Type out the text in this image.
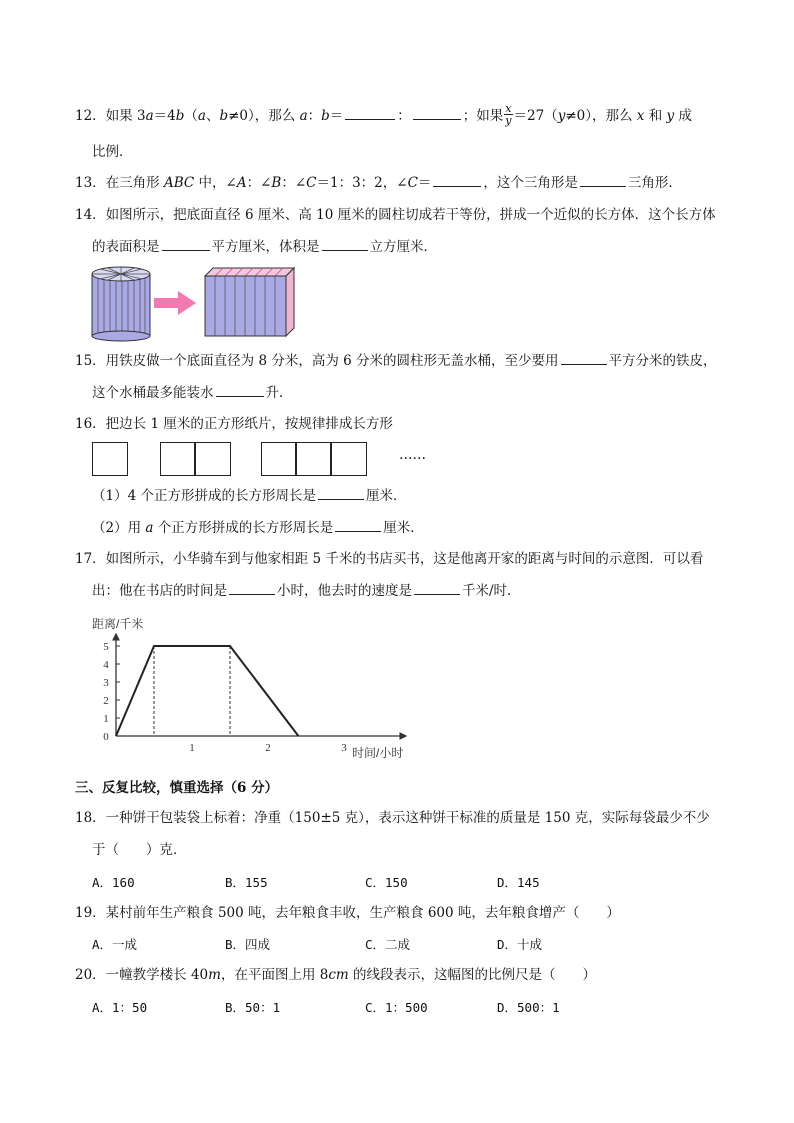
12．如果 3a＝4b（a、b≠0），那么 a：b＝	：	；如果 $\frac{x}{y} =27(y\ne 0)$，那么 x 和 y 成
比例．
13．在三角形 ABC 中，∠A：∠B：∠C＝1：3：2，∠C＝	，这个三角形是	三角形．
14．如图所示，把底面直径 6 厘米、高 10 厘米的圆柱切成若干等份，拼成一个近似的长方体．这个长方体
的表面积是	平方厘米，体积是	立方厘米．
15．用铁皮做一个底面直径为 8 分米，高为 6 分米的圆柱形无盖水桶，至少要用	平方分米的铁皮，
这个水桶最多能装水	升．
16．把边长 1 厘米的正方形纸片，按规律排成长方形
……
（1）4 个正方形拼成的长方形周长是	厘米．
（2）用 a 个正方形拼成的长方形周长是	厘米．
17．如图所示，小华骑车到与他家相距 5 千米的书店买书，这是他离开家的距离与时间的示意图．可以看
出：他在书店的时间是	小时，他去时的速度是	千米/时．
距离/千米
时间/小时
0
1
2
3
4
5
1	2	3
三、反复比较，慎重选择（6 分）
18．一种饼干包装袋上标着：净重（150±5 克），表示这种饼干标准的质量是 150 克，实际每袋最少不少
于（　　）克．
A．160	B．155	C．150	D．145
19．某村前年生产粮食 500 吨，去年粮食丰收，生产粮食 600 吨，去年粮食增产（　　）
A．一成	B．四成	C．二成	D．十成
20．一幢教学楼长 40m，在平面图上用 8cm 的线段表示，这幅图的比例尺是（　　）
A．1：50	B．50：1	C．1：500	D．500：1
